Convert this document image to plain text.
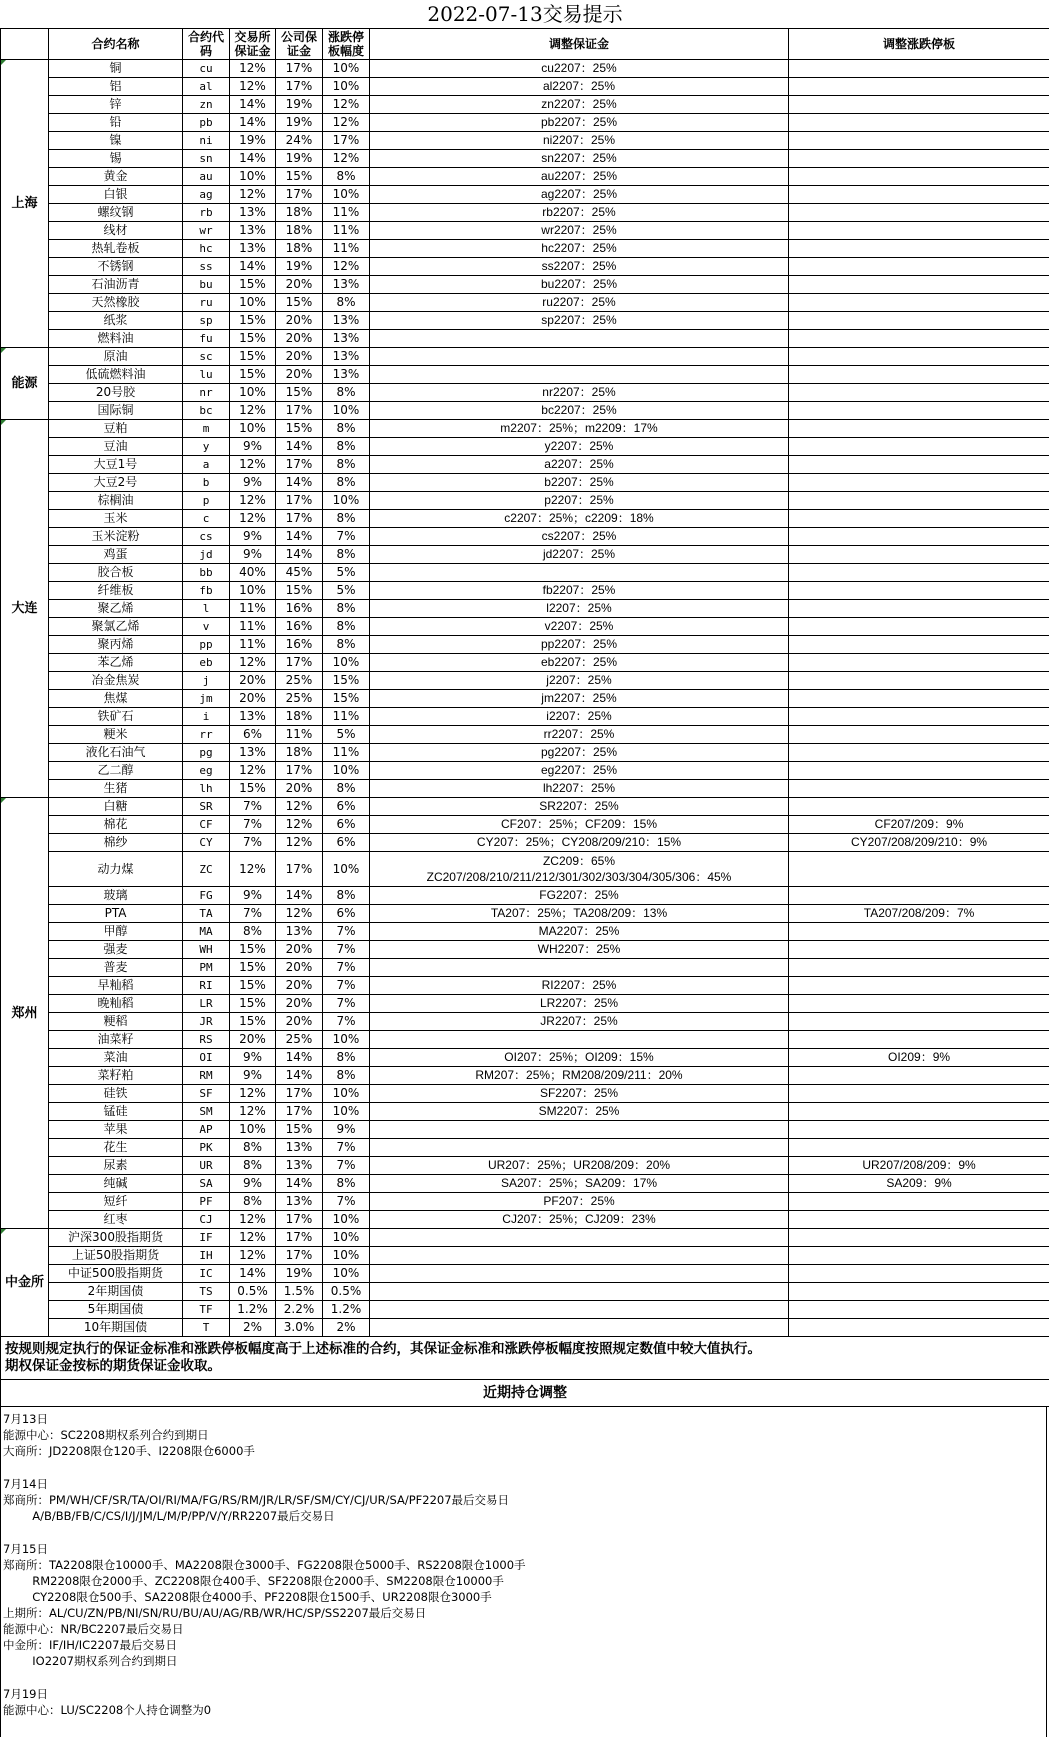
2022-07-13交易提示							
	合约名称	合约代码	交易所保证金	公司保证金	涨跌停板幅度	调整保证金	调整涨跌停板
上海	铜	cu	12%	17%	10%	cu2207：25%	
	铝	al	12%	17%	10%	al2207：25%	
	锌	zn	14%	19%	12%	zn2207：25%	
	铅	pb	14%	19%	12%	pb2207：25%	
	镍	ni	19%	24%	17%	ni2207：25%	
	锡	sn	14%	19%	12%	sn2207：25%	
	黄金	au	10%	15%	8%	au2207：25%	
	白银	ag	12%	17%	10%	ag2207：25%	
	螺纹钢	rb	13%	18%	11%	rb2207：25%	
	线材	wr	13%	18%	11%	wr2207：25%	
	热轧卷板	hc	13%	18%	11%	hc2207：25%	
	不锈钢	ss	14%	19%	12%	ss2207：25%	
	石油沥青	bu	15%	20%	13%	bu2207：25%	
	天然橡胶	ru	10%	15%	8%	ru2207：25%	
	纸浆	sp	15%	20%	13%	sp2207：25%	
	燃料油	fu	15%	20%	13%		
能源	原油	sc	15%	20%	13%		
	低硫燃料油	lu	15%	20%	13%		
	20号胶	nr	10%	15%	8%	nr2207：25%	
	国际铜	bc	12%	17%	10%	bc2207：25%	
大连	豆粕	m	10%	15%	8%	m2207：25%；m2209：17%	
	豆油	y	9%	14%	8%	y2207：25%	
	大豆1号	a	12%	17%	8%	a2207：25%	
	大豆2号	b	9%	14%	8%	b2207：25%	
	棕榈油	p	12%	17%	10%	p2207：25%	
	玉米	c	12%	17%	8%	c2207：25%；c2209：18%	
	玉米淀粉	cs	9%	14%	7%	cs2207：25%	
	鸡蛋	jd	9%	14%	8%	jd2207：25%	
	胶合板	bb	40%	45%	5%		
	纤维板	fb	10%	15%	5%	fb2207：25%	
	聚乙烯	l	11%	16%	8%	l2207：25%	
	聚氯乙烯	v	11%	16%	8%	v2207：25%	
	聚丙烯	pp	11%	16%	8%	pp2207：25%	
	苯乙烯	eb	12%	17%	10%	eb2207：25%	
	冶金焦炭	j	20%	25%	15%	j2207：25%	
	焦煤	jm	20%	25%	15%	jm2207：25%	
	铁矿石	i	13%	18%	11%	i2207：25%	
	粳米	rr	6%	11%	5%	rr2207：25%	
	液化石油气	pg	13%	18%	11%	pg2207：25%	
	乙二醇	eg	12%	17%	10%	eg2207：25%	
	生猪	lh	15%	20%	8%	lh2207：25%	
郑州	白糖	SR	7%	12%	6%	SR2207：25%	
	棉花	CF	7%	12%	6%	CF207：25%；CF209：15%	CF207/209：9%
	棉纱	CY	7%	12%	6%	CY207：25%；CY208/209/210：15%	CY207/208/209/210：9%
	动力煤	ZC	12%	17%	10%	ZC209：65%
ZC207/208/210/211/212/301/302/303/304/305/306：45%	

	玻璃	FG	9%	14%	8%	FG2207：25%	
	PTA	TA	7%	12%	6%	TA207：25%；TA208/209：13%	TA207/208/209：7%
	甲醇	MA	8%	13%	7%	MA2207：25%	
	强麦	WH	15%	20%	7%	WH2207：25%	
	普麦	PM	15%	20%	7%		
	早籼稻	RI	15%	20%	7%	RI2207：25%	
	晚籼稻	LR	15%	20%	7%	LR2207：25%	
	粳稻	JR	15%	20%	7%	JR2207：25%	
	油菜籽	RS	20%	25%	10%		
	菜油	OI	9%	14%	8%	OI207：25%；OI209：15%	OI209：9%
	菜籽粕	RM	9%	14%	8%	RM207：25%；RM208/209/211：20%	
	硅铁	SF	12%	17%	10%	SF2207：25%	
	锰硅	SM	12%	17%	10%	SM2207：25%	
	苹果	AP	10%	15%	9%		
	花生	PK	8%	13%	7%		
	尿素	UR	8%	13%	7%	UR207：25%；UR208/209：20%	UR207/208/209：9%
	纯碱	SA	9%	14%	8%	SA207：25%；SA209：17%	SA209：9%
	短纤	PF	8%	13%	7%	PF207：25%	
	红枣	CJ	12%	17%	10%	CJ207：25%；CJ209：23%	
中金所	沪深300股指期货	IF	12%	17%	10%		
	上证50股指期货	IH	12%	17%	10%		
	中证500股指期货	IC	14%	19%	10%		
	2年期国债	TS	0.5%	1.5%	0.5%		
	5年期国债	TF	1.2%	2.2%	1.2%		
	10年期国债	T	2%	3.0%	2%		

按规则规定执行的保证金标准和涨跌停板幅度高于上述标准的合约，其保证金标准和涨跌停板幅度按照规定数值中较大值执行。
期权保证金按标的期货保证金收取。							

近期持仓调整							
7月13日
能源中心：SC2208期权系列合约到期日
大商所：JD2208限仓120手、I2208限仓6000手
7月14日
郑商所：PM/WH/CF/SR/TA/OI/RI/MA/FG/RS/RM/JR/LR/SF/SM/CY/CJ/UR/SA/PF2207最后交易日
A/B/BB/FB/C/CS/I/J/JM/L/M/P/PP/V/Y/RR2207最后交易日
7月15日
郑商所：TA2208限仓10000手、MA2208限仓3000手、FG2208限仓5000手、RS2208限仓1000手
RM2208限仓2000手、ZC2208限仓400手、SF2208限仓2000手、SM2208限仓10000手
CY2208限仓500手、SA2208限仓4000手、PF2208限仓1500手、UR2208限仓3000手
上期所：AL/CU/ZN/PB/NI/SN/RU/BU/AU/AG/RB/WR/HC/SP/SS2207最后交易日
能源中心：NR/BC2207最后交易日
中金所：IF/IH/IC2207最后交易日
IO2207期权系列合约到期日
7月19日
能源中心：LU/SC2208个人持仓调整为0
